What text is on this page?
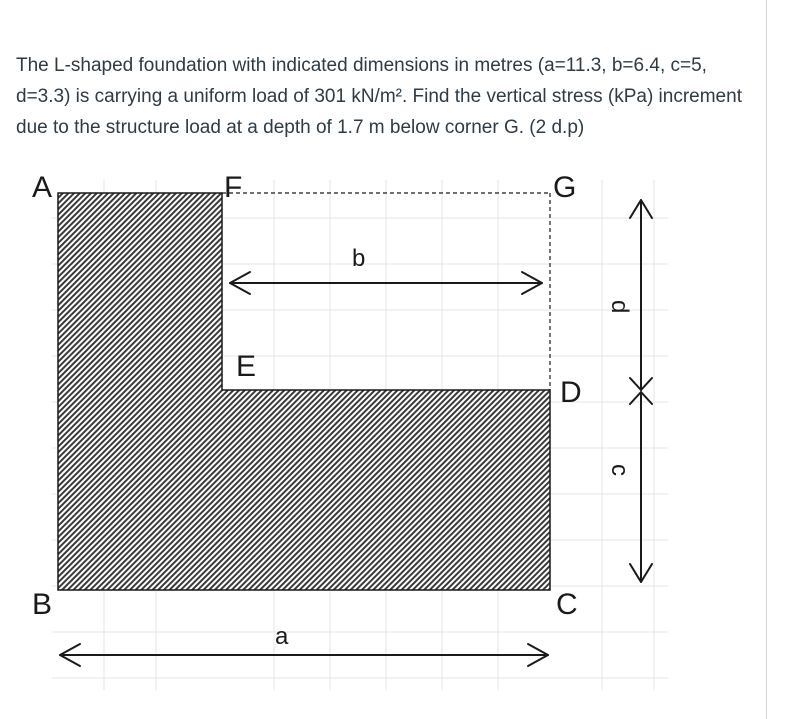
The L-shaped foundation with indicated dimensions in metres (a=11.3, b=6.4, c=5, d=3.3) is carrying a uniform load of 301 kN/m². Find the vertical stress (kPa) increment due to the structure load at a depth of 1.7 m below corner G. (2 d.p)

A	F	G
E
D
B	C
b
a
d
c
